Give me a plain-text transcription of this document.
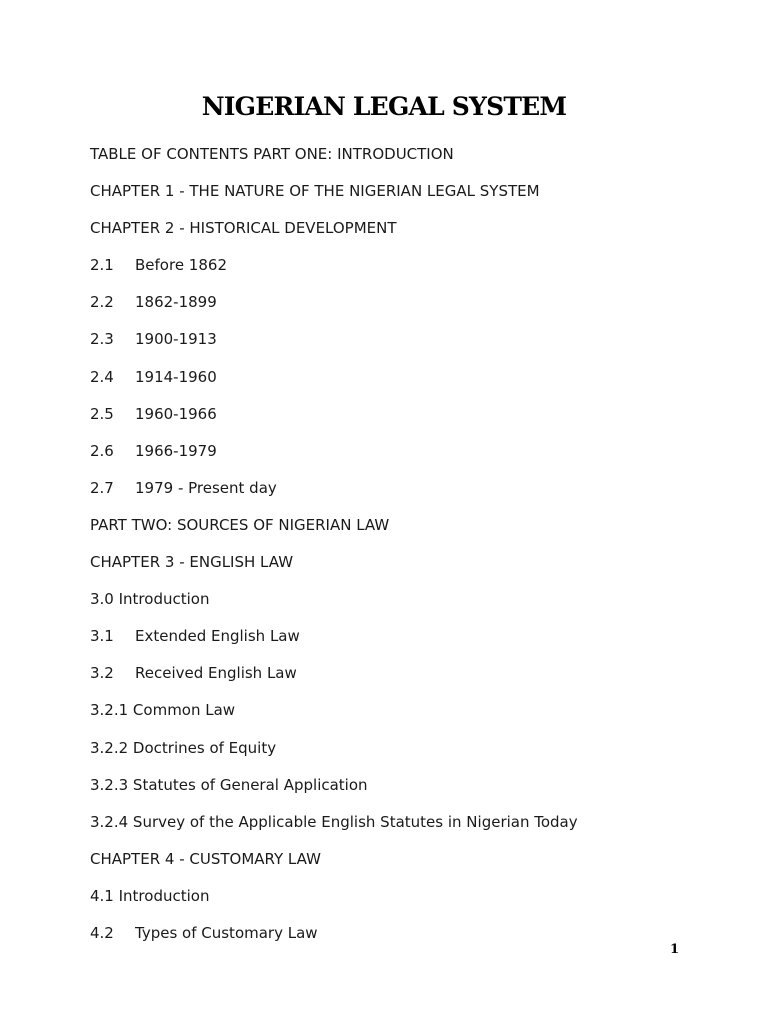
NIGERIAN LEGAL SYSTEM
TABLE OF CONTENTS PART ONE: INTRODUCTION
CHAPTER 1 - THE NATURE OF THE NIGERIAN LEGAL SYSTEM
CHAPTER 2 - HISTORICAL DEVELOPMENT
2.1 Before 1862
2.2 1862-1899
2.3 1900-1913
2.4 1914-1960
2.5 1960-1966
2.6 1966-1979
2.7 1979 - Present day
PART TWO: SOURCES OF NIGERIAN LAW
CHAPTER 3 - ENGLISH LAW
3.0 Introduction
3.1 Extended English Law
3.2 Received English Law
3.2.1 Common Law
3.2.2 Doctrines of Equity
3.2.3 Statutes of General Application
3.2.4 Survey of the Applicable English Statutes in Nigerian Today
CHAPTER 4 - CUSTOMARY LAW
4.1 Introduction
4.2 Types of Customary Law
1
